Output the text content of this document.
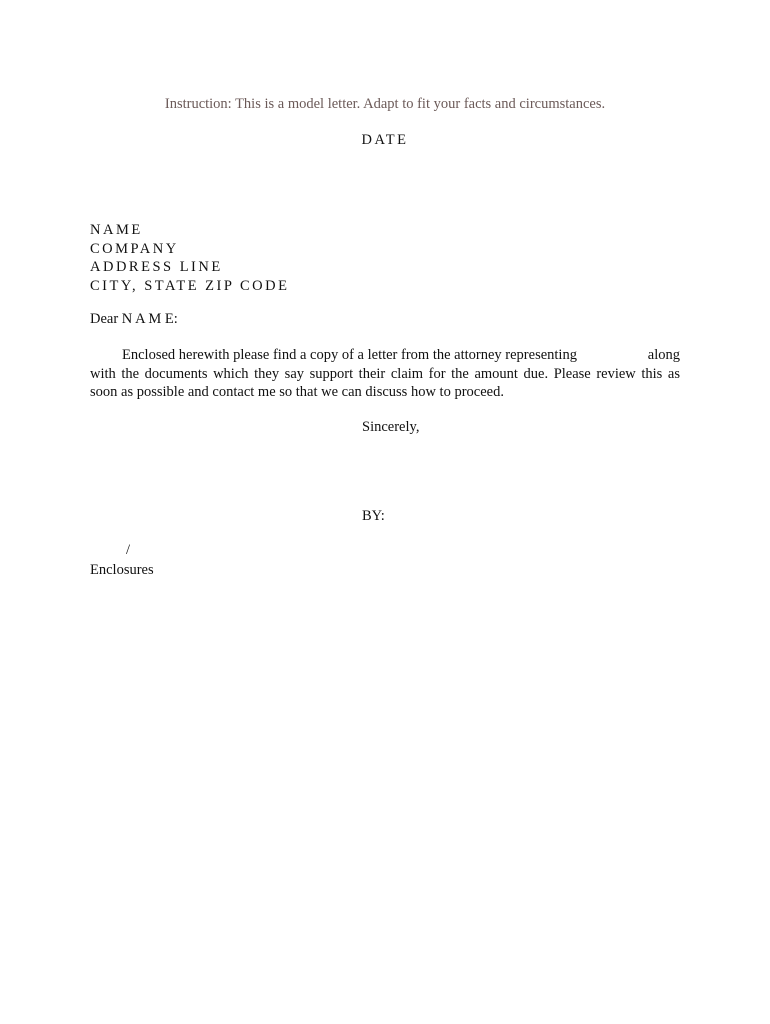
Instruction: This is a model letter. Adapt to fit your facts and circumstances.
DATE
NAME
COMPANY
ADDRESS LINE
CITY, STATE ZIP CODE
Dear N A M E:
Enclosed herewith please find a copy of a letter from the attorney representing	along
with the documents which they say support their claim for the amount due. Please review this as
soon as possible and contact me so that we can discuss how to proceed.
Sincerely,
BY:
/
Enclosures
